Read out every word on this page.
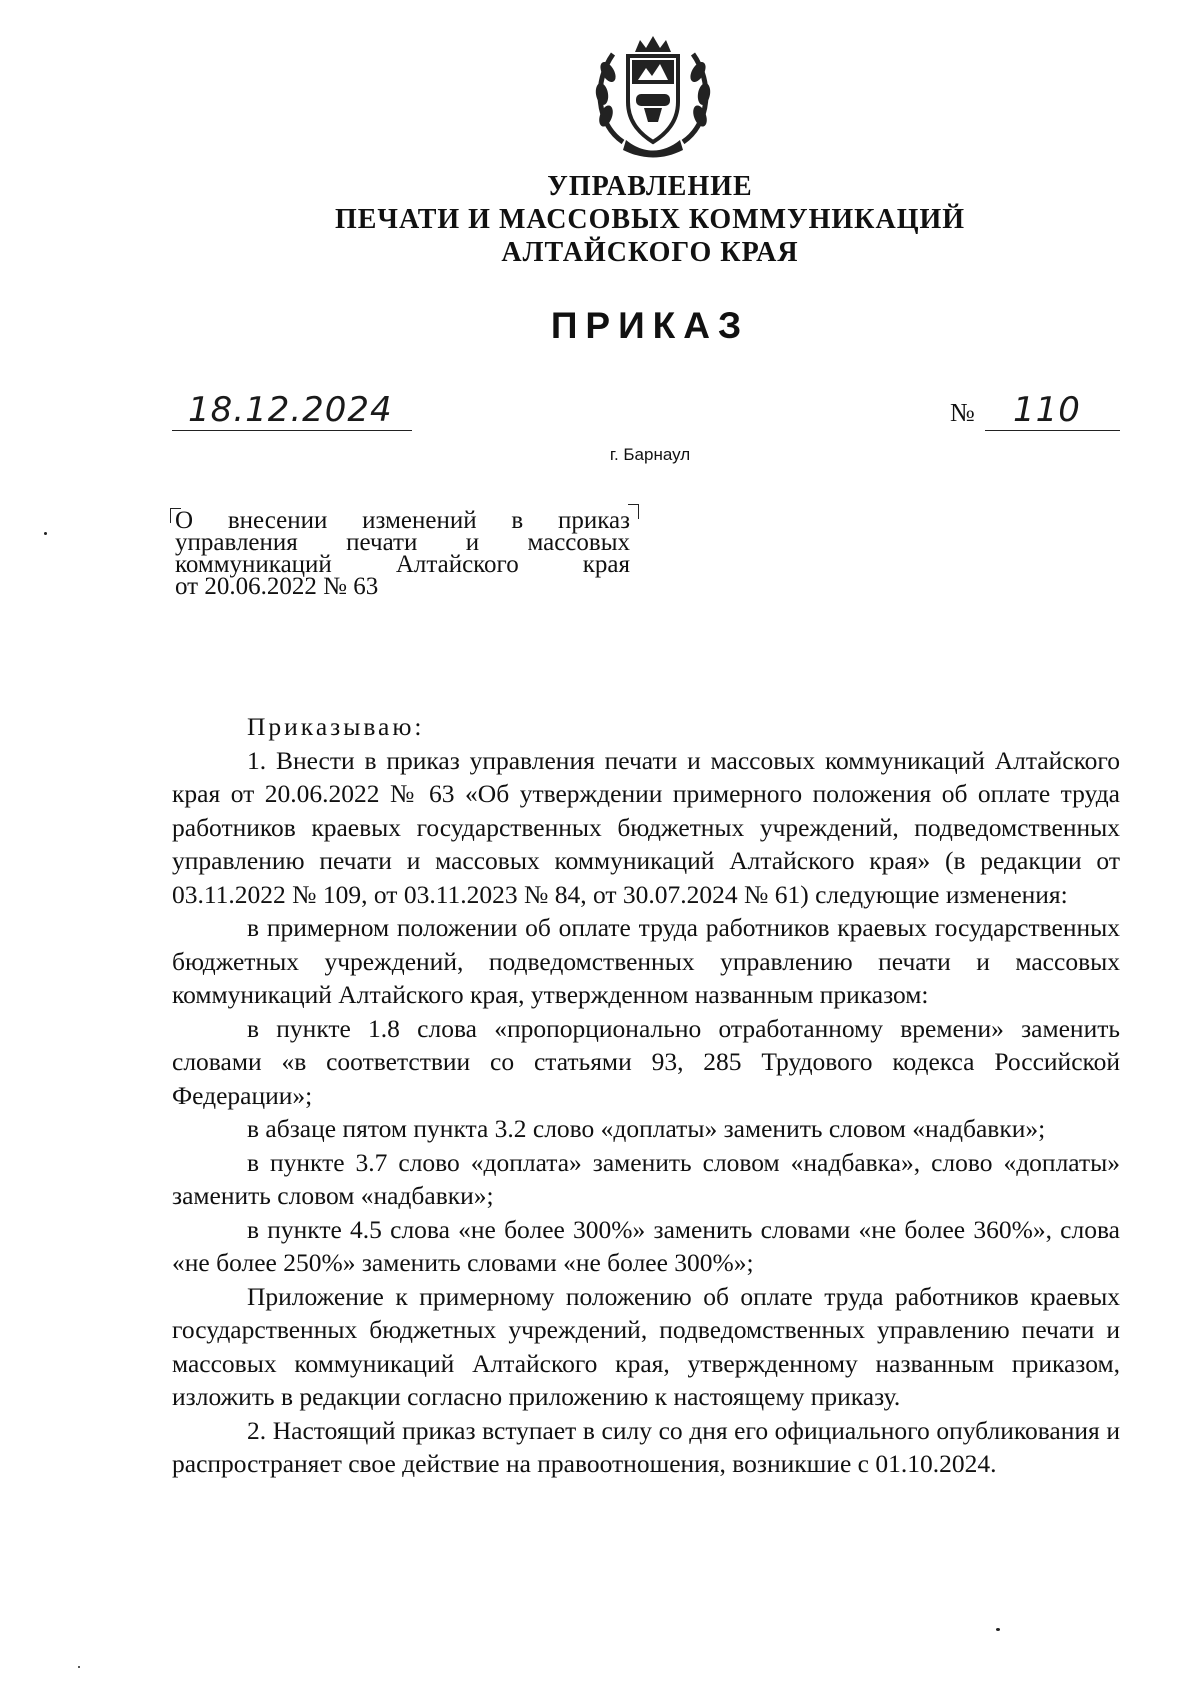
УПРАВЛЕНИЕ
ПЕЧАТИ И МАССОВЫХ КОММУНИКАЦИЙ
АЛТАЙСКОГО КРАЯ
ПРИКАЗ
18.12.2024	№ 110
г. Барнаул
О внесении изменений в приказ
управления печати и массовых
коммуникаций Алтайского края
от 20.06.2022 № 63

Приказываю:

1. Внести в приказ управления печати и массовых коммуникаций Алтайского края от 20.06.2022 № 63 «Об утверждении примерного положения об оплате труда работников краевых государственных бюджетных учреждений, подведомственных управлению печати и массовых коммуникаций Алтайского края» (в редакции от 03.11.2022 № 109, от 03.11.2023 № 84, от 30.07.2024 № 61) следующие изменения:

в примерном положении об оплате труда работников краевых государственных бюджетных учреждений, подведомственных управлению печати и массовых коммуникаций Алтайского края, утвержденном названным приказом:

в пункте 1.8 слова «пропорционально отработанному времени» заменить словами «в соответствии со статьями 93, 285 Трудового кодекса Российской Федерации»;

в абзаце пятом пункта 3.2 слово «доплаты» заменить словом «надбавки»;

в пункте 3.7 слово «доплата» заменить словом «надбавка», слово «доплаты» заменить словом «надбавки»;

в пункте 4.5 слова «не более 300%» заменить словами «не более 360%», слова «не более 250%» заменить словами «не более 300%»;

Приложение к примерному положению об оплате труда работников краевых государственных бюджетных учреждений, подведомственных управлению печати и массовых коммуникаций Алтайского края, утвержденному названным приказом, изложить в редакции согласно приложению к настоящему приказу.

2. Настоящий приказ вступает в силу со дня его официального опубликования и распространяет свое действие на правоотношения, возникшие с 01.10.2024.
